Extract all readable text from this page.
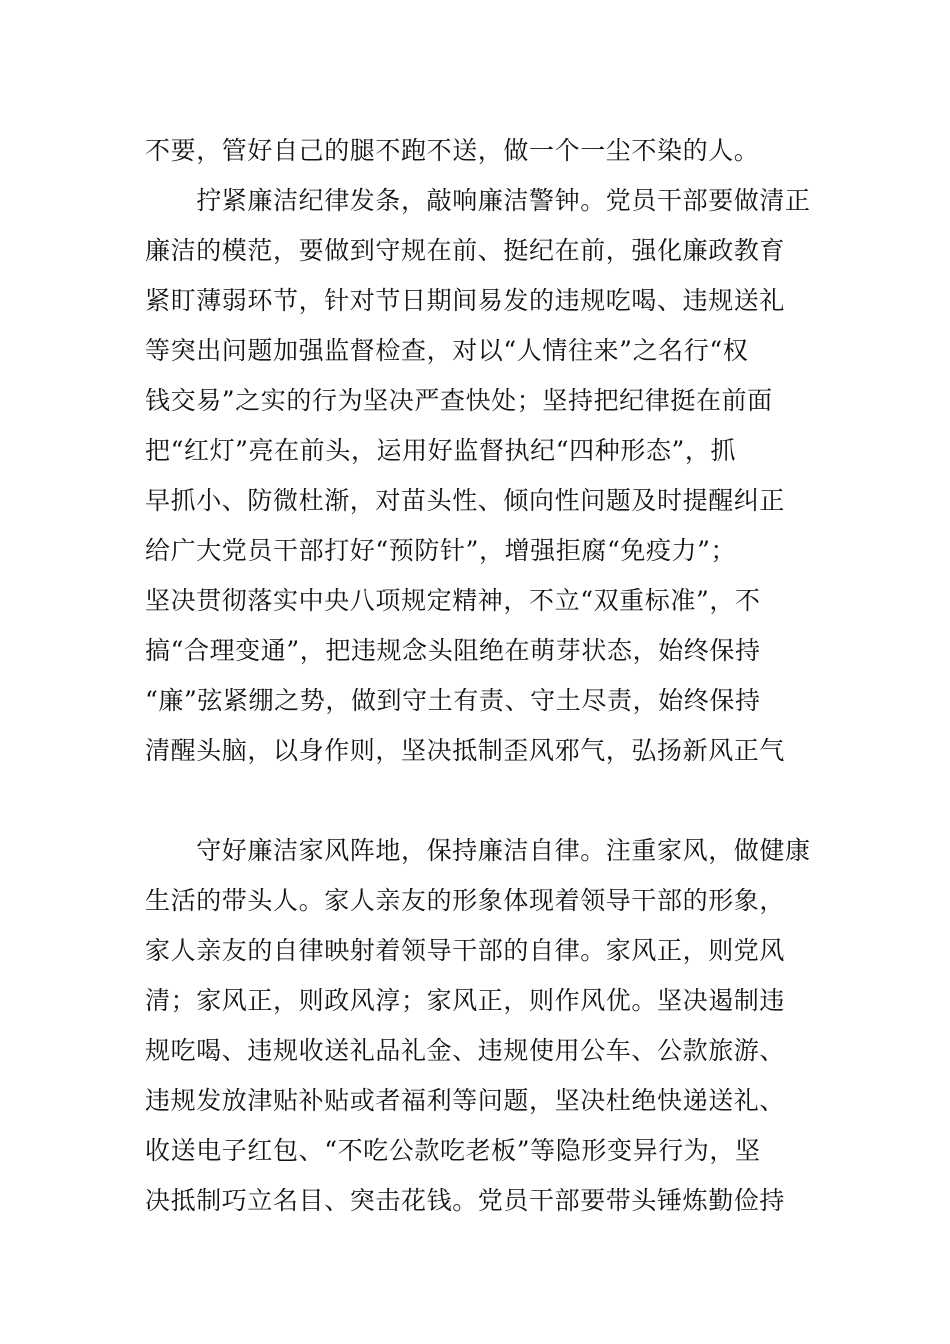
不要，管好自己的腿不跑不送，做一个一尘不染的人。
　　拧紧廉洁纪律发条，敲响廉洁警钟。党员干部要做清正
廉洁的模范，要做到守规在前、挺纪在前，强化廉政教育
紧盯薄弱环节，针对节日期间易发的违规吃喝、违规送礼
等突出问题加强监督检查，对以“人情往来”之名行“权
钱交易”之实的行为坚决严查快处；坚持把纪律挺在前面
把“红灯”亮在前头，运用好监督执纪“四种形态”，抓
早抓小、防微杜渐，对苗头性、倾向性问题及时提醒纠正
给广大党员干部打好“预防针”，增强拒腐“免疫力”；
坚决贯彻落实中央八项规定精神，不立“双重标准”，不
搞“合理变通”，把违规念头阻绝在萌芽状态，始终保持
“廉”弦紧绷之势，做到守土有责、守土尽责，始终保持
清醒头脑，以身作则，坚决抵制歪风邪气，弘扬新风正气
　　守好廉洁家风阵地，保持廉洁自律。注重家风，做健康
生活的带头人。家人亲友的形象体现着领导干部的形象，
家人亲友的自律映射着领导干部的自律。家风正，则党风
清；家风正，则政风淳；家风正，则作风优。坚决遏制违
规吃喝、违规收送礼品礼金、违规使用公车、公款旅游、
违规发放津贴补贴或者福利等问题，坚决杜绝快递送礼、
收送电子红包、“不吃公款吃老板”等隐形变异行为，坚
决抵制巧立名目、突击花钱。党员干部要带头锤炼勤俭持
